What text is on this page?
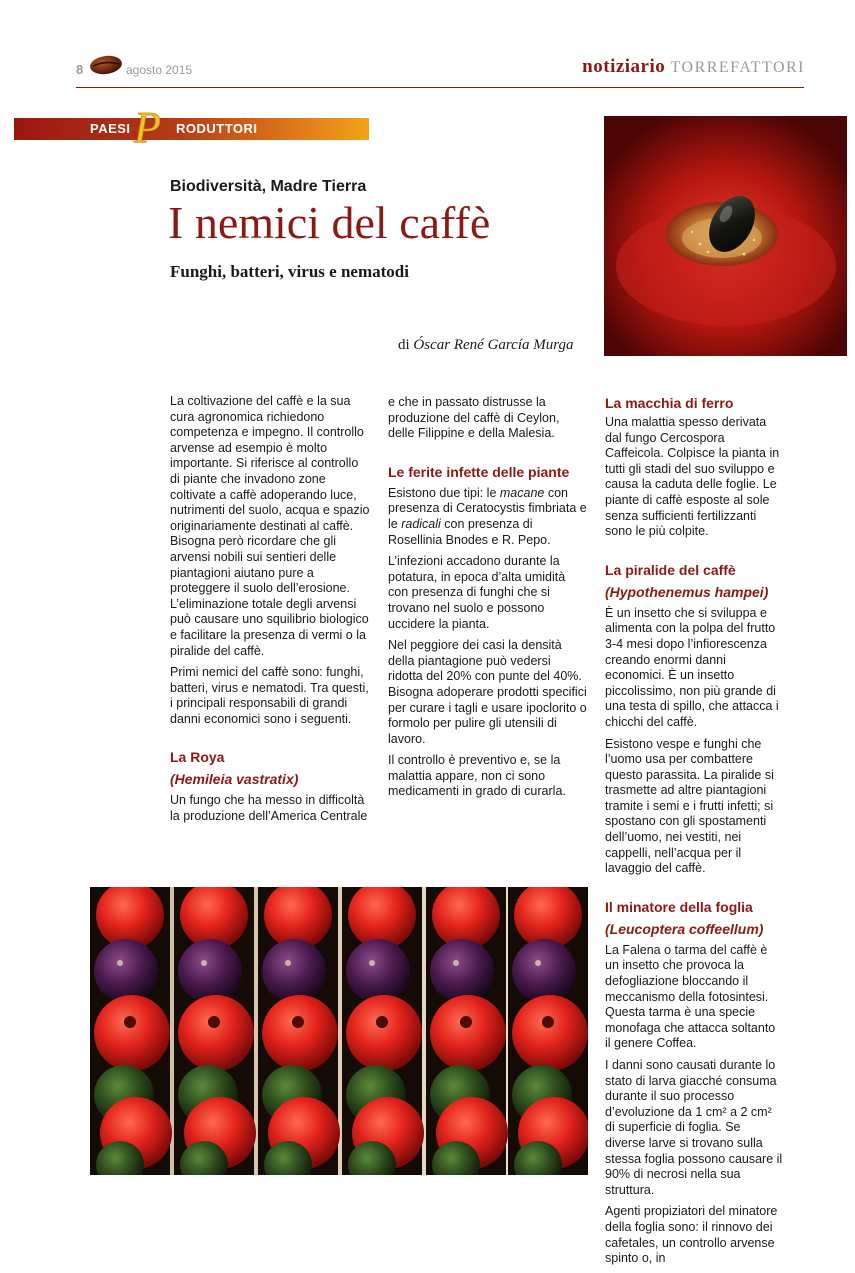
8	agosto 2015	notiziario TORREFATTORI
PAESI P RODUTTORI
Biodiversità, Madre Tierra
I nemici del caffè
Funghi, batteri, virus e nematodi
di Óscar René García Murga

La coltivazione del caffè e la sua cura agronomica richiedono competenza e impegno. Il controllo arvense ad esempio è molto importante. Si riferisce al controllo di piante che invadono zone coltivate a caffè adoperando luce, nutrimenti del suolo, acqua e spazio originariamente destinati al caffè. Bisogna però ricordare che gli arvensi nobili sui sentieri delle piantagioni aiutano pure a proteggere il suolo dell’erosione. L’eliminazione totale degli arvensi può causare uno squilibrio biologico e facilitare la presenza di vermi o la piralide del caffè.

Primi nemici del caffè sono: funghi, batteri, virus e nematodi. Tra questi, i principali responsabili di grandi danni economici sono i seguenti.

La Roya

(Hemileia vastratix)

Un fungo che ha messo in difficoltà la produzione dell’America Centrale

e che in passato distrusse la produzione del caffè di Ceylon, delle Filippine e della Malesia.

Le ferite infette delle piante

Esistono due tipi: le macane con presenza di Ceratocystis fimbriata e le radicali con presenza di Rosellinia Bnodes e R. Pepo.

L’infezioni accadono durante la potatura, in epoca d’alta umidità con presenza di funghi che si trovano nel suolo e possono uccidere la pianta.

Nel peggiore dei casi la densità della piantagione può vedersi ridotta del 20% con punte del 40%. Bisogna adoperare prodotti specifici per curare i tagli e usare ipoclorito o formolo per pulire gli utensili di lavoro.

Il controllo è preventivo e, se la malattia appare, non ci sono medicamenti in grado di curarla.

La macchia di ferro

Una malattia spesso derivata dal fungo Cercospora Caffeicola. Colpisce la pianta in tutti gli stadi del suo sviluppo e causa la caduta delle foglie. Le piante di caffè esposte al sole senza sufficienti fertilizzanti sono le più colpite.

La piralide del caffè

(Hypothenemus hampei)

È un insetto che si sviluppa e alimenta con la polpa del frutto 3-4 mesi dopo l’infiorescenza creando enormi danni economici. È un insetto piccolissimo, non più grande di una testa di spillo, che attacca i chicchi del caffè.

Esistono vespe e funghi che l’uomo usa per combattere questo parassita. La piralide si trasmette ad altre piantagioni tramite i semi e i frutti infetti; si spostano con gli spostamenti dell’uomo, nei vestiti, nei cappelli, nell’acqua per il lavaggio del caffè.

Il minatore della foglia

(Leucoptera coffeellum)

La Falena o tarma del caffè è un insetto che provoca la defogliazione bloccando il meccanismo della fotosintesi. Questa tarma è una specie monofaga che attacca soltanto il genere Coffea.

I danni sono causati durante lo stato di larva giacché consuma durante il suo processo d’evoluzione da 1 cm² a 2 cm² di superficie di foglia. Se diverse larve si trovano sulla stessa foglia possono causare il 90% di necrosi nella sua struttura.

Agenti propiziatori del minatore della foglia sono: il rinnovo dei cafetales, un controllo arvense spinto o, in
